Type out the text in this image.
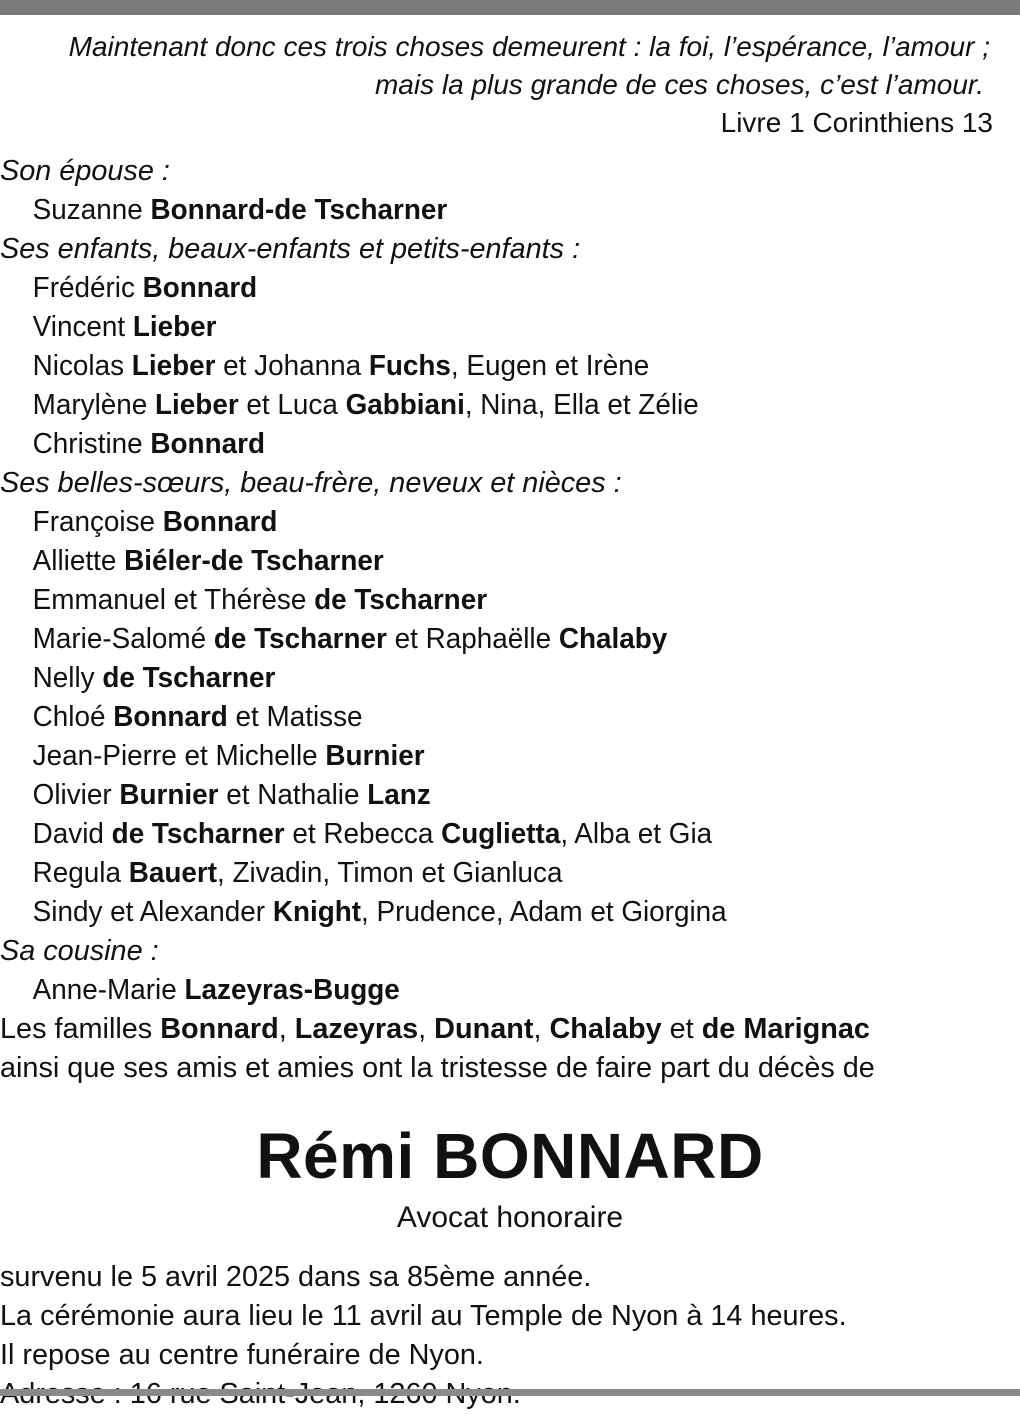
Maintenant donc ces trois choses demeurent : la foi, l’espérance, l’amour ;
mais la plus grande de ces choses, c’est l’amour.
Livre 1 Corinthiens 13
Son épouse :
Suzanne Bonnard-de Tscharner
Ses enfants, beaux-enfants et petits-enfants :
Frédéric Bonnard
Vincent Lieber
Nicolas Lieber et Johanna Fuchs, Eugen et Irène
Marylène Lieber et Luca Gabbiani, Nina, Ella et Zélie
Christine Bonnard
Ses belles-sœurs, beau-frère, neveux et nièces :
Françoise Bonnard
Alliette Biéler-de Tscharner
Emmanuel et Thérèse de Tscharner
Marie-Salomé de Tscharner et Raphaëlle Chalaby
Nelly de Tscharner
Chloé Bonnard et Matisse
Jean-Pierre et Michelle Burnier
Olivier Burnier et Nathalie Lanz
David de Tscharner et Rebecca Cuglietta, Alba et Gia
Regula Bauert, Zivadin, Timon et Gianluca
Sindy et Alexander Knight, Prudence, Adam et Giorgina
Sa cousine :
Anne-Marie Lazeyras-Bugge
Les familles Bonnard, Lazeyras, Dunant, Chalaby et de Marignac
ainsi que ses amis et amies ont la tristesse de faire part du décès de
Rémi BONNARD
Avocat honoraire
survenu le 5 avril 2025 dans sa 85ème année.
La cérémonie aura lieu le 11 avril au Temple de Nyon à 14 heures.
Il repose au centre funéraire de Nyon.
